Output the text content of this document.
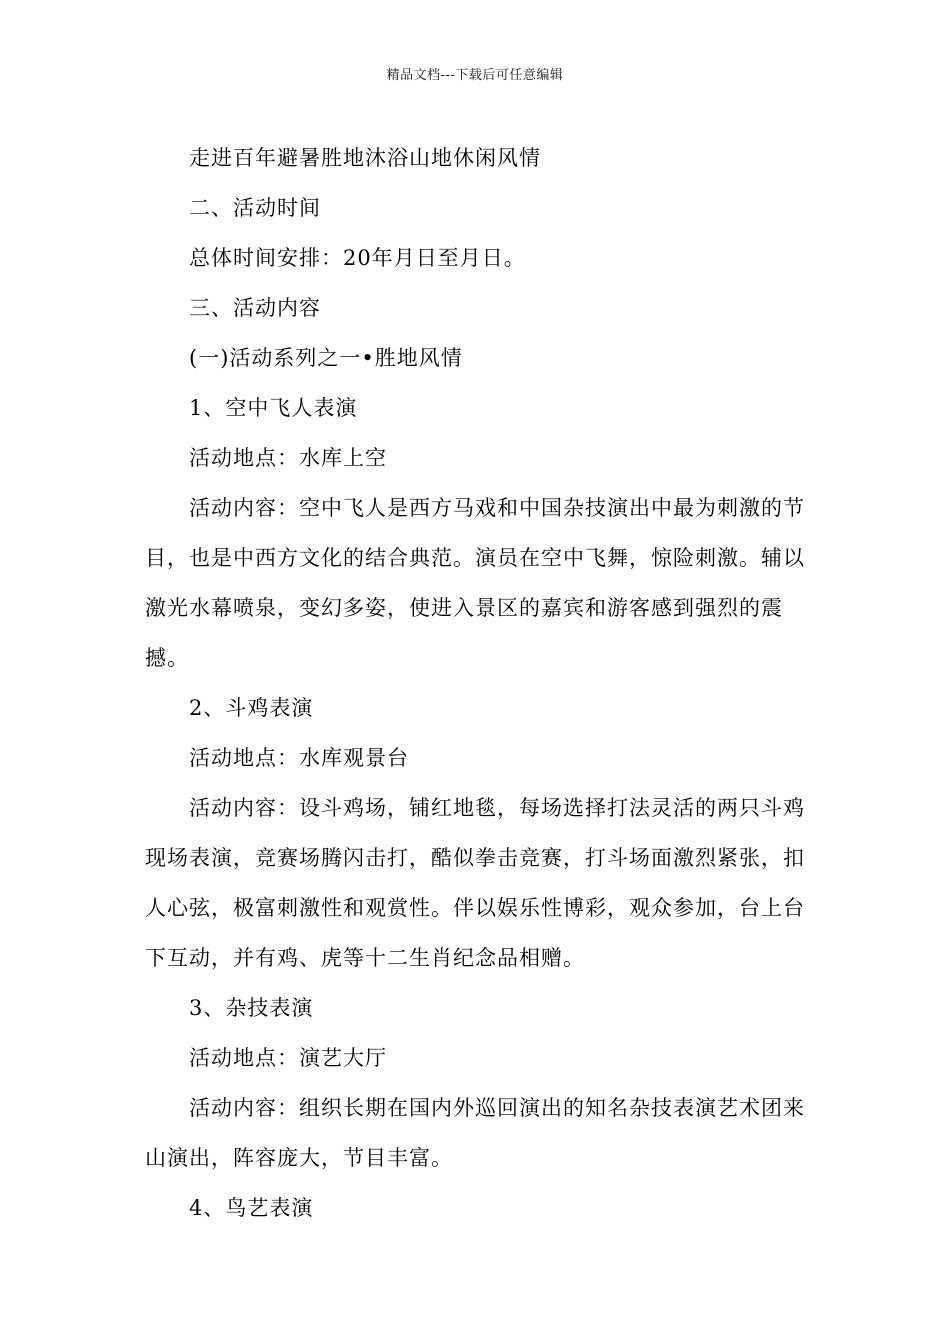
精品文档---下载后可任意编辑

走进百年避暑胜地沐浴山地休闲风情

二、活动时间

总体时间安排：20年月日至月日。

三、活动内容

(一)活动系列之一•胜地风情

1、空中飞人表演

活动地点：水库上空

活动内容：空中飞人是西方马戏和中国杂技演出中最为刺激的节目，也是中西方文化的结合典范。演员在空中飞舞，惊险刺激。辅以激光水幕喷泉，变幻多姿，使进入景区的嘉宾和游客感到强烈的震撼。

2、斗鸡表演

活动地点：水库观景台

活动内容：设斗鸡场，铺红地毯，每场选择打法灵活的两只斗鸡现场表演，竞赛场腾闪击打，酷似拳击竞赛，打斗场面激烈紧张，扣人心弦，极富刺激性和观赏性。伴以娱乐性博彩，观众参加，台上台下互动，并有鸡、虎等十二生肖纪念品相赠。

3、杂技表演

活动地点：演艺大厅

活动内容：组织长期在国内外巡回演出的知名杂技表演艺术团来山演出，阵容庞大，节目丰富。

4、鸟艺表演
